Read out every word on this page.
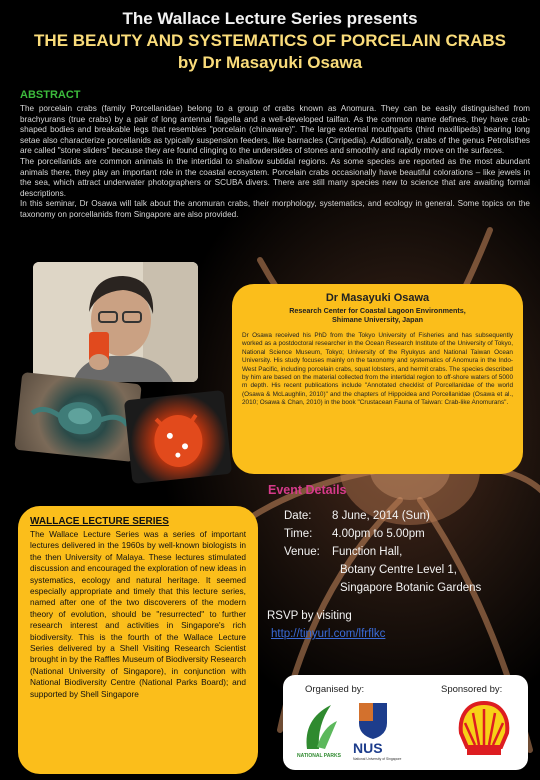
The Wallace Lecture Series presents
THE BEAUTY AND SYSTEMATICS OF PORCELAIN CRABS
by Dr Masayuki Osawa
ABSTRACT

The porcelain crabs (family Porcellanidae) belong to a group of crabs known as Anomura. They can be easily distinguished from brachyurans (true crabs) by a pair of long antennal flagella and a well-developed tailfan. As the common name defines, they have crab-shaped bodies and breakable legs that resembles "porcelain (chinaware)". The large external mouthparts (third maxillipeds) bearing long setae also characterize porcellanids as typically suspension feeders, like barnacles (Cirripedia). Additionally, crabs of the genus Petrolisthes are called "stone sliders" because they are found clinging to the undersides of stones and smoothly and rapidly move on the surfaces.

The porcellanids are common animals in the intertidal to shallow subtidal regions. As some species are reported as the most abundant animals there, they play an important role in the coastal ecosystem. Porcelain crabs occasionally have beautiful colorations – like jewels in the sea, which attract underwater photographers or SCUBA divers. There are still many species new to science that are awaiting formal descriptions.

In this seminar, Dr Osawa will talk about the anomuran crabs, their morphology, systematics, and ecology in general. Some topics on the taxonomy on porcellanids from Singapore are also provided.

Dr Masayuki Osawa
Research Center for Coastal Lagoon Environments,
Shimane University, Japan
Dr Osawa received his PhD from the Tokyo University of Fisheries and has subsequently worked as a postdoctoral researcher in the Ocean Research Institute of the University of Tokyo, National Science Museum, Tokyo; University of the Ryukyus and National Taiwan Ocean University. His study focuses mainly on the taxonomy and systematics of Anomura in the Indo-West Pacific, including porcelain crabs, squat lobsters, and hermit crabs. The species described by him are based on the material collected from the intertidal region to off-shore waters of 5000 m depth. His recent publications include "Annotated checklist of Porcellanidae of the world (Osawa & McLaughlin, 2010)" and the chapters of Hippoidea and Porcellanidae (Osawa et al., 2010; Osawa & Chan, 2010) in the book "Crustacean Fauna of Taiwan: Crab-like Anomurans".
WALLACE LECTURE SERIES
The Wallace Lecture Series was a series of important lectures delivered in the 1960s by well-known biologists in the then University of Malaya. These lectures stimulated discussion and encouraged the exploration of new ideas in systematics, ecology and natural heritage. It seemed especially appropriate and timely that this lecture series, named after one of the two discoverers of the modern theory of evolution, should be "resurrected" to further research interest and activities in Singapore's rich biodiversity. This is the fourth of the Wallace Lecture Series delivered by a Shell Visiting Research Scientist brought in by the Raffles Museum of Biodiversity Research (National University of Singapore), in conjunction with National Biodiversity Centre (National Parks Board); and supported by Shell Singapore
Event Details
Date:	8 June, 2014 (Sun)
Time:	4.00pm to 5.00pm
Venue:	Function Hall,
Botany Centre Level 1,
Singapore Botanic Gardens
RSVP by visiting
http://tinyurl.com/lfrflkc
Organised by:	Sponsored by:
NATIONAL PARKS NUS
National University of Singapore
